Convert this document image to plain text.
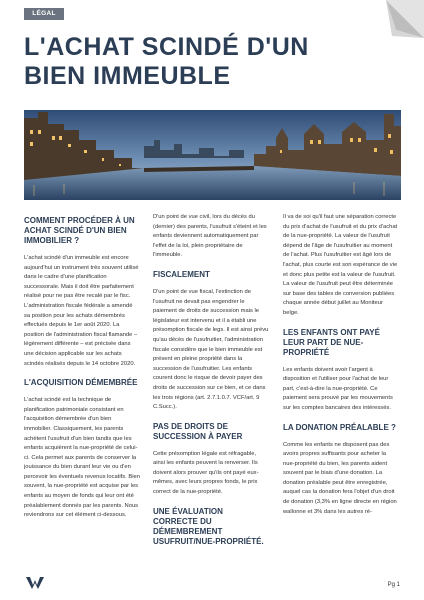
LÉGAL
L'ACHAT SCINDÉ D'UN BIEN IMMEUBLE
COMMENT PROCÉDER À UN ACHAT SCINDÉ D'UN BIEN IMMOBILIER ?

L'achat scindé d'un immeuble est encore aujourd'hui un instrument très souvent utilisé dans le cadre d'une planification successorale. Mais il doit être parfaitement réalisé pour ne pas être recalé par le fisc. L'administration fiscale fédérale a amendé sa position pour les achats démembrés effectués depuis le 1er août 2020. La position de l'administration fiscal flamande – légèrement différente – est précisée dans une décision applicable sur les achats scindés réalisés depuis le 14 octobre 2020.

L'ACQUISITION DÉMEMBRÉE

L'achat scindé est la technique de planification patrimoniale consistant en l'acquisition démembrée d'un bien immobilier. Classiquement, les parents achètent l'usufruit d'un bien tandis que les enfants acquièrent la nue-propriété de celui-ci. Cela permet aux parents de conserver la jouissance du bien durant leur vie ou d'en percevoir les éventuels revenus locatifs. Bien souvent, la nue-propriété est acquise par les enfants au moyen de fonds qui leur ont été préalablement donnés par les parents. Nous reviendrons sur cet élément ci-dessous.

D'un point de vue civil, lors du décès du (dernier) des parents, l'usufruit s'éteint et les enfants deviennent automatiquement par l'effet de la loi, plein propriétaire de l'immeuble.

FISCALEMENT

D'un point de vue fiscal, l'extinction de l'usufruit ne devait pas engendrer le paiement de droits de succession mais le législateur est intervenu et il a établi une présomption fiscale de legs. Il est ainsi prévu qu'au décès de l'usufruitier, l'administration fiscale considère que le bien immeuble est présent en pleine propriété dans la succession de l'usufruitier. Les enfants courent donc le risque de devoir payer des droits de succession sur ce bien, et ce dans les trois régions (art. 2.7.1.0.7. VCF/art. 9 C.Succ.).

PAS DE DROITS DE SUCCESSION À PAYER

Cette présomption légale est réfragable, ainsi les enfants peuvent la renverser. Ils doivent alors prouver qu'ils ont payé eux-mêmes, avec leurs propres fonds, le prix correct de la nue-propriété.

UNE ÉVALUATION CORRECTE DU DÉMEMBREMENT USUFRUIT/NUE-PROPRIÉTÉ.

Il va de soi qu'il faut une séparation correcte du prix d'achat de l'usufruit et du prix d'achat de la nue-propriété. La valeur de l'usufruit dépend de l'âge de l'usufruitier au moment de l'achat. Plus l'usufruitier est âgé lors de l'achat, plus courte est son espérance de vie et donc plus petite est la valeur de l'usufruit. La valeur de l'usufruit peut être déterminée sur base des tables de conversion publiées chaque année début juillet au Moniteur belge.

LES ENFANTS ONT PAYÉ LEUR PART DE NUE-PROPRIÉTÉ

Les enfants doivent avoir l'argent à disposition et l'utiliser pour l'achat de leur part, c'est-à-dire la nue-propriété. Ce paiement sera prouvé par les mouvements sur les comptes bancaires des intéressés.

LA DONATION PRÉALABLE ?

Comme les enfants ne disposent pas des avoirs propres suffisants pour acheter la nue-propriété du bien, les parents aident souvent par le biais d'une donation. La donation préalable peut être enregistrée, auquel cas la donation fera l'objet d'un droit de donation (3,3% en ligne directe en région wallonne et 3% dans les autres ré-

Pg 1
